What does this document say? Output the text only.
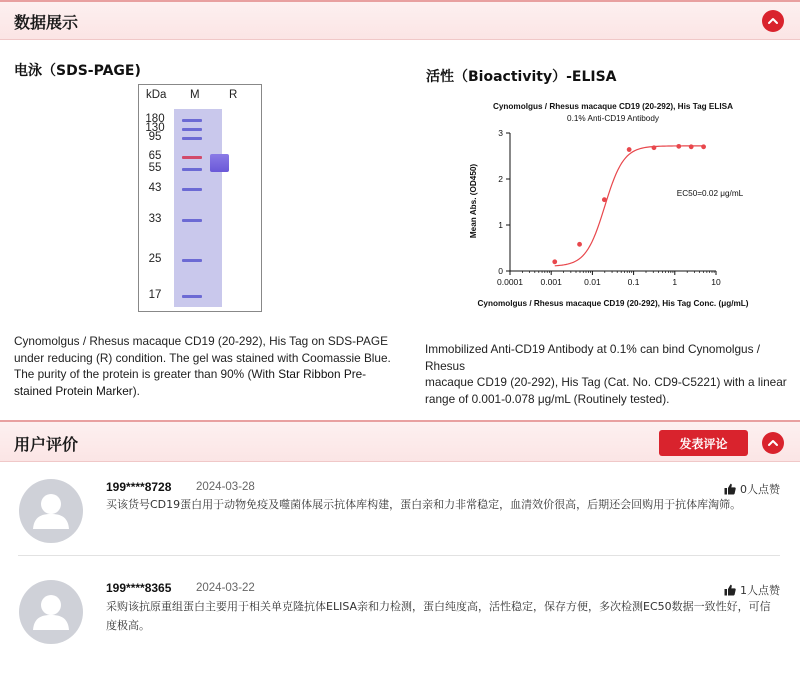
数据展示
电泳（SDS-PAGE)
kDa M	R
180
130
95
65
55
43
33
25
17
Cynomolgus / Rhesus macaque CD19 (20-292), His Tag on SDS-PAGE
under reducing (R) condition. The gel was stained with Coomassie Blue.
The purity of the protein is greater than 90% (With Star Ribbon Pre-
stained Protein Marker).
活性（Bioactivity）-ELISA
Cynomolgus / Rhesus macaque CD19 (20-292), His Tag ELISA
0.1% Anti-CD19 Antibody
Mean Abs. (OD450)
Cynomolgus / Rhesus macaque CD19 (20-292), His Tag Conc. (μg/mL)
EC50=0.02 μg/mL
0.0001 0.001	0.01	0.1	1	10
0
1
2
3
Immobilized Anti-CD19 Antibody at 0.1% can bind Cynomolgus / Rhesus
macaque CD19 (20-292), His Tag (Cat. No. CD9-C5221) with a linear
range of 0.001-0.078 μg/mL (Routinely tested).
用户评价	发表评论
199****8728 2024-03-28	0人点赞
买该货号CD19蛋白用于动物免疫及噬菌体展示抗体库构建，蛋白亲和力非常稳定，血清效价很高，后期还会回购用于抗体库淘筛。
199****8365 2024-03-22	1人点赞
采购该抗原重组蛋白主要用于相关单克隆抗体ELISA亲和力检测，蛋白纯度高，活性稳定，保存方便，多次检测EC50数据一致性好，可信度极高。
